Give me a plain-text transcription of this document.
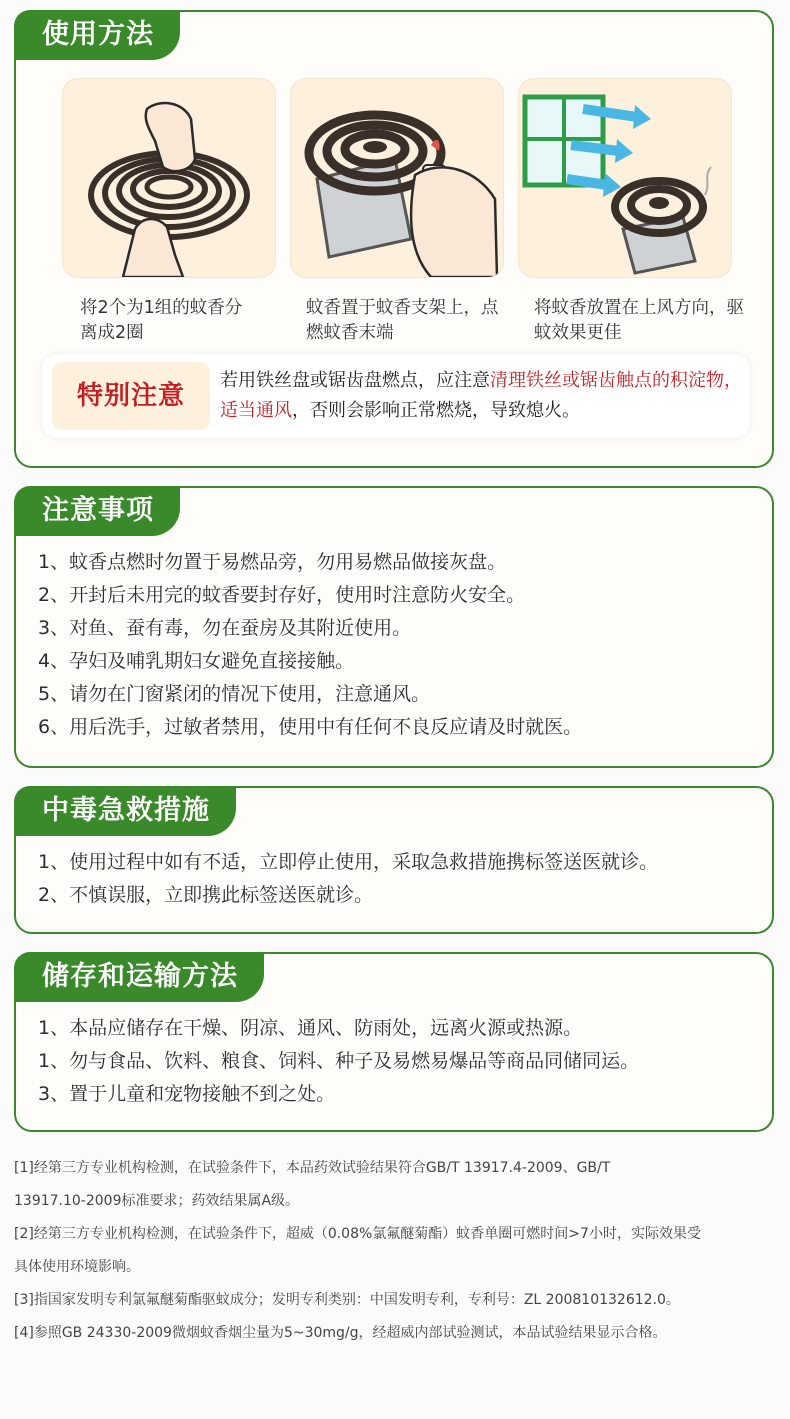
使用方法
将2个为1组的蚊香分离成2圈
蚊香置于蚊香支架上，点燃蚊香末端
将蚊香放置在上风方向，驱蚊效果更佳
特别注意
若用铁丝盘或锯齿盘燃点，应注意清理铁丝或锯齿触点的积淀物，适当通风，否则会影响正常燃烧，导致熄火。
注意事项
1、蚊香点燃时勿置于易燃品旁，勿用易燃品做接灰盘。
2、开封后未用完的蚊香要封存好，使用时注意防火安全。
3、对鱼、蚕有毒，勿在蚕房及其附近使用。
4、孕妇及哺乳期妇女避免直接接触。
5、请勿在门窗紧闭的情况下使用，注意通风。
6、用后洗手，过敏者禁用，使用中有任何不良反应请及时就医。
中毒急救措施
1、使用过程中如有不适，立即停止使用，采取急救措施携标签送医就诊。
2、不慎误服，立即携此标签送医就诊。
储存和运输方法
1、本品应储存在干燥、阴凉、通风、防雨处，远离火源或热源。
1、勿与食品、饮料、粮食、饲料、种子及易燃易爆品等商品同储同运。
3、置于儿童和宠物接触不到之处。
[1]经第三方专业机构检测，在试验条件下，本品药效试验结果符合GB/T 13917.4-2009、GB/T
13917.10-2009标准要求；药效结果属A级。
[2]经第三方专业机构检测，在试验条件下，超威（0.08%氯氟醚菊酯）蚊香单圈可燃时间>7小时，实际效果受
具体使用环境影响。
[3]指国家发明专利氯氟醚菊酯驱蚊成分；发明专利类别：中国发明专利，专利号：ZL 200810132612.0。
[4]参照GB 24330-2009微烟蚊香烟尘量为5~30mg/g，经超威内部试验测试，本品试验结果显示合格。
